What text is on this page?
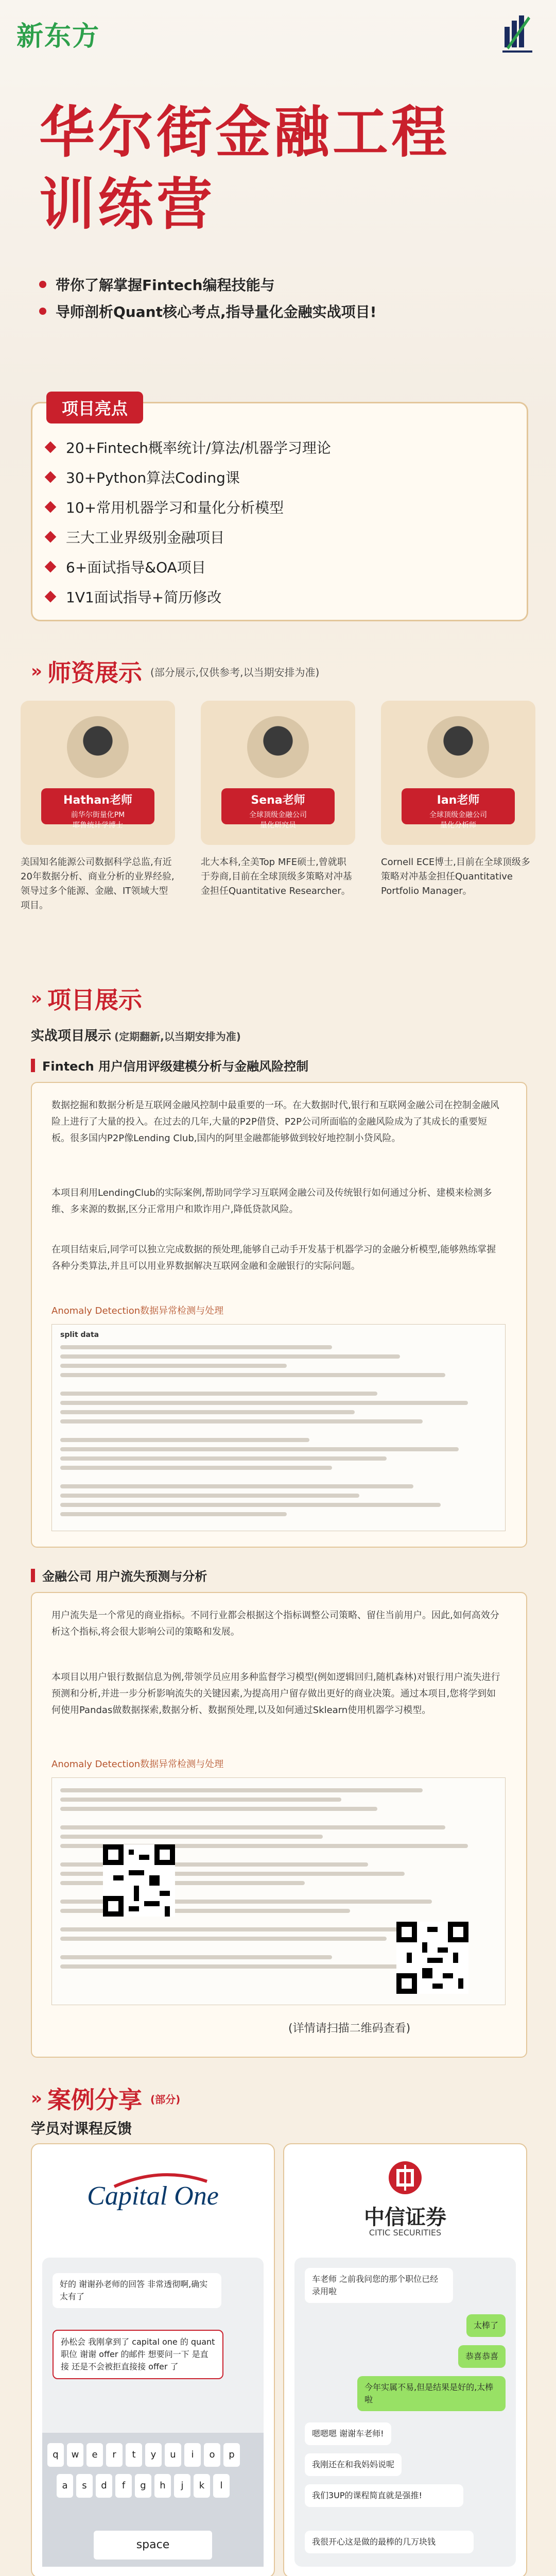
新东方
华尔街金融工程
训练营
带你了解掌握Fintech编程技能与
导师剖析Quant核心考点,指导量化金融实战项目!
项目亮点
20+Fintech概率统计/算法/机器学习理论
30+Python算法Coding课
10+常用机器学习和量化分析模型
三大工业界级别金融项目
6+面试指导&OA项目
1V1面试指导+简历修改
» 师资展示 (部分展示,仅供参考,以当期安排为准)
Hathan老师
前华尔街量化PM
耶鲁统计学博士
Sena老师
全球顶级金融公司
量化研究员
Ian老师
全球顶级金融公司
量化分析师
美国知名能源公司数据科学总监,有近20年数据分析、商业分析的业界经验,领导过多个能源、金融、IT领域大型项目。
北大本科,全美Top MFE硕士,曾就职于券商,目前在全球顶级多策略对冲基金担任Quantitative Researcher。
Cornell ECE博士,目前在全球顶级多策略对冲基金担任Quantitative Portfolio Manager。
» 项目展示
实战项目展示 (定期翻新,以当期安排为准)
Fintech 用户信用评级建模分析与金融风险控制
数据挖掘和数据分析是互联网金融风控制中最重要的一环。在大数据时代,银行和互联网金融公司在控制金融风险上进行了大量的投入。在过去的几年,大量的P2P借贷、P2P公司所面临的金融风险成为了其成长的重要短板。很多国内P2P像Lending Club,国内的阿里金融都能够做到较好地控制小贷风险。
本项目利用LendingClub的实际案例,帮助同学学习互联网金融公司及传统银行如何通过分析、建模来检测多维、多来源的数据,区分正常用户和欺诈用户,降低贷款风险。
在项目结束后,同学可以独立完成数据的预处理,能够自己动手开发基于机器学习的金融分析模型,能够熟练掌握各种分类算法,并且可以用业界数据解决互联网金融和金融银行的实际问题。
Anomaly Detection数据异常检测与处理
split data
金融公司 用户流失预测与分析
用户流失是一个常见的商业指标。不同行业都会根据这个指标调整公司策略、留住当前用户。因此,如何高效分析这个指标,将会很大影响公司的策略和发展。
本项目以用户银行数据信息为例,带领学员应用多种监督学习模型(例如逻辑回归,随机森林)对银行用户流失进行预测和分析,并进一步分析影响流失的关键因素,为提高用户留存做出更好的商业决策。通过本项目,您将学到如何使用Pandas做数据探索,数据分析、数据预处理,以及如何通过Sklearn使用机器学习模型。
Anomaly Detection数据异常检测与处理
(详情请扫描二维码查看)
» 案例分享 (部分)
学员对课程反馈
Capital One
好的 谢谢孙老师的回答 非常透彻啊,确实太有了
孙松会 我刚拿到了 capital one 的 quant 职位 谢谢 offer 的邮件 想要问一下 是直接 还是不会被拒直接接 offer 了
q	w	e	r	t	y	u	i	o	p
a	s	d	f	g	h	j	k	l
space
中信证券
CITIC SECURITIES
车老师 之前我问您的那个职位已经录用啦
太棒了
恭喜恭喜
今年实属不易,但是结果是好的,太棒啦
嗯嗯嗯 谢谢车老师!
我刚还在和我妈妈说呢
我们3UP的课程简直就是强推!
我很开心这是做的最棒的几万块钱
